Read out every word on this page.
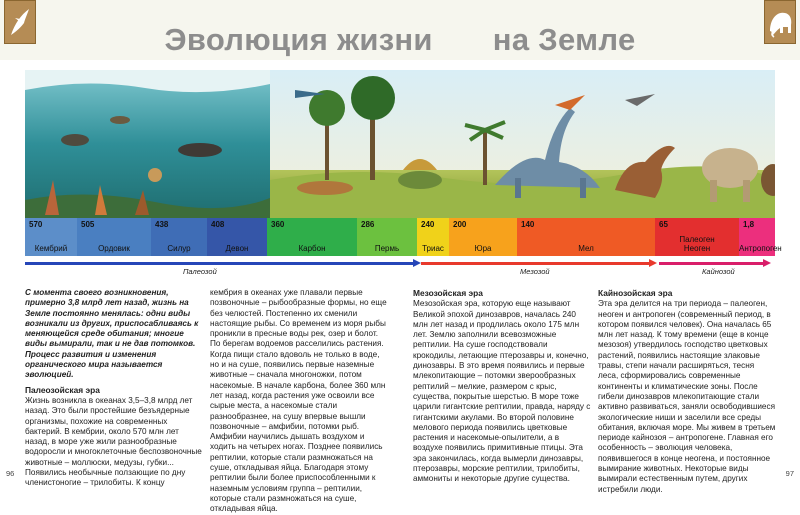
Эволюция жизни на Земле
570
Кембрий
505
Ордовик
438
Силур
408
Девон
360
Карбон
286
Пермь
240
Триас
200
Юра
140
Мел
65
Палеоген
Неоген
1,8
Антропоген
Палеозой	Мезозой	Кайнозой

С момента своего возникновения, примерно 3,8 млрд лет назад, жизнь на Земле постоянно менялась: одни виды возникали из других, приспосабливаясь к меняющейся среде обитания; многие виды вымирали, так и не дав потомков. Процесс развития и изменения органического мира называется эволюцией.

Палеозойская эра

Жизнь возникла в океанах 3,5–3,8 млрд лет назад. Это были простейшие безъядерные организмы, похожие на современных бактерий. В кембрии, около 570 млн лет назад, в море уже жили разнообразные водоросли и многоклеточные беспозвоночные животные – моллюски, медузы, губки... Появились необычные ползающие по дну членистоногие – трилобиты. К концу

кембрия в океанах уже плавали первые позвоночные – рыбообразные формы, но еще без челюстей. Постепенно их сменили настоящие рыбы. Со временем из моря рыбы проникли в пресные воды рек, озер и болот. По берегам водоемов расселились растения. Когда пищи стало вдоволь не только в воде, но и на суше, появились первые наземные животные – сначала многоножки, потом насекомые. В начале карбона, более 360 млн лет назад, когда растения уже освоили все сырые места, а насекомые стали разнообразнее, на сушу впервые вышли позвоночные – амфибии, потомки рыб. Амфибии научились дышать воздухом и ходить на четырех ногах. Позднее появились рептилии, которые стали размножаться на суше, откладывая яйца. Благодаря этому рептилии были более приспособленными к наземным условиям группа – рептилии, которые стали размножаться на суше, откладывая яйца.

Мезозойская эра

Мезозойская эра, которую еще называют Великой эпохой динозавров, началась 240 млн лет назад и продлилась около 175 млн лет. Землю заполнили всевозможные рептилии. На суше господствовали крокодилы, летающие птерозавры и, конечно, динозавры. В это время появились и первые млекопитающие – потомки зверообразных рептилий – мелкие, размером с крыс, существа, покрытые шерстью. В море тоже царили гигантские рептилии, правда, наряду с гигантскими акулами. Во второй половине мелового периода появились цветковые растения и насекомые-опылители, а в воздухе появились примитивные птицы. Эта эра закончилась, когда вымерли динозавры, птерозавры, морские рептилии, трилобиты, аммониты и некоторые другие существа.

Кайнозойская эра

Эта эра делится на три периода – палеоген, неоген и антропоген (современный период, в котором появился человек). Она началась 65 млн лет назад. К тому времени (еще в конце мезозоя) утвердилось господство цветковых растений, появились настоящие злаковые травы, степи начали расширяться, тесня леса, сформировались современные континенты и климатические зоны. После гибели динозавров млекопитающие стали активно развиваться, заняли освободившиеся экологические ниши и заселили все среды обитания, включая море. Мы живем в третьем периоде кайнозоя – антропогене. Главная его особенность – эволюция человека, появившегося в конце неогена, и постоянное вымирание животных. Некоторые виды вымирали естественным путем, других истребили люди.

96	97
